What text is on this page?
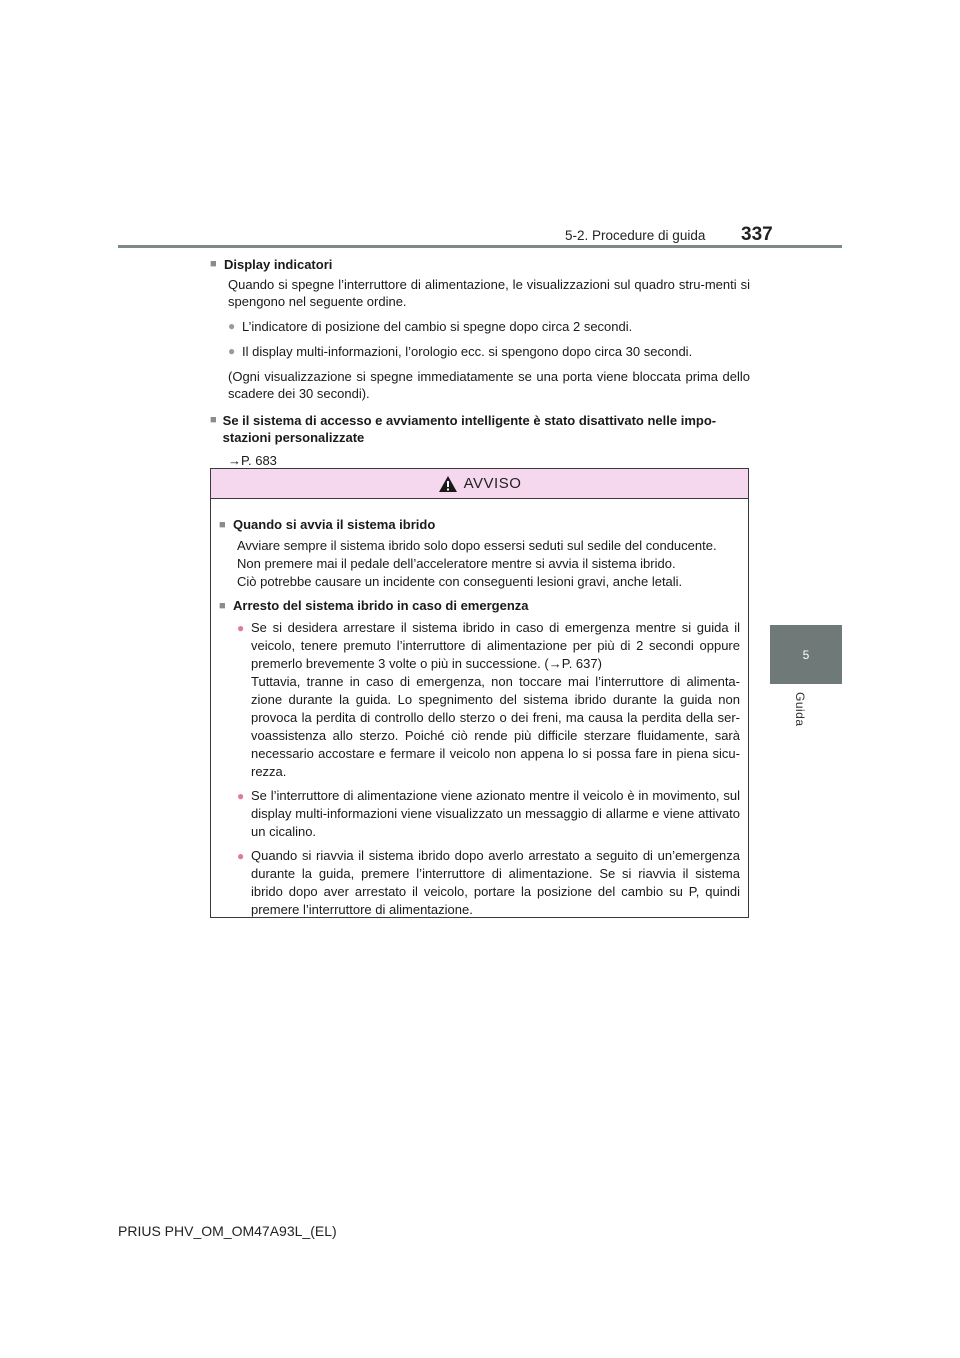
5-2. Procedure di guida 337
5
Guida
■ Display indicatori
Quando si spegne l’interruttore di alimentazione, le visualizzazioni sul quadro stru-menti si spengono nel seguente ordine.
● L’indicatore di posizione del cambio si spegne dopo circa 2 secondi.
● Il display multi-informazioni, l’orologio ecc. si spengono dopo circa 30 secondi.
(Ogni visualizzazione si spegne immediatamente se una porta viene bloccata prima dello scadere dei 30 secondi).
■ Se il sistema di accesso e avviamento intelligente è stato disattivato nelle impo-stazioni personalizzate
→P. 683
AVVISO
■ Quando si avvia il sistema ibrido
Avviare sempre il sistema ibrido solo dopo essersi seduti sul sedile del conducente.
Non premere mai il pedale dell’acceleratore mentre si avvia il sistema ibrido.
Ciò potrebbe causare un incidente con conseguenti lesioni gravi, anche letali.
■ Arresto del sistema ibrido in caso di emergenza
● Se si desidera arrestare il sistema ibrido in caso di emergenza mentre si guida il veicolo, tenere premuto l’interruttore di alimentazione per più di 2 secondi oppure premerlo brevemente 3 volte o più in successione. (→P. 637)
Tuttavia, tranne in caso di emergenza, non toccare mai l’interruttore di alimenta-zione durante la guida. Lo spegnimento del sistema ibrido durante la guida non provoca la perdita di controllo dello sterzo o dei freni, ma causa la perdita della ser-voassistenza allo sterzo. Poiché ciò rende più difficile sterzare fluidamente, sarà necessario accostare e fermare il veicolo non appena lo si possa fare in piena sicu-rezza.
● Se l’interruttore di alimentazione viene azionato mentre il veicolo è in movimento, sul display multi-informazioni viene visualizzato un messaggio di allarme e viene attivato un cicalino.
● Quando si riavvia il sistema ibrido dopo averlo arrestato a seguito di un’emergenza durante la guida, premere l’interruttore di alimentazione. Se si riavvia il sistema ibrido dopo aver arrestato il veicolo, portare la posizione del cambio su P, quindi premere l’interruttore di alimentazione.
PRIUS PHV_OM_OM47A93L_(EL)
